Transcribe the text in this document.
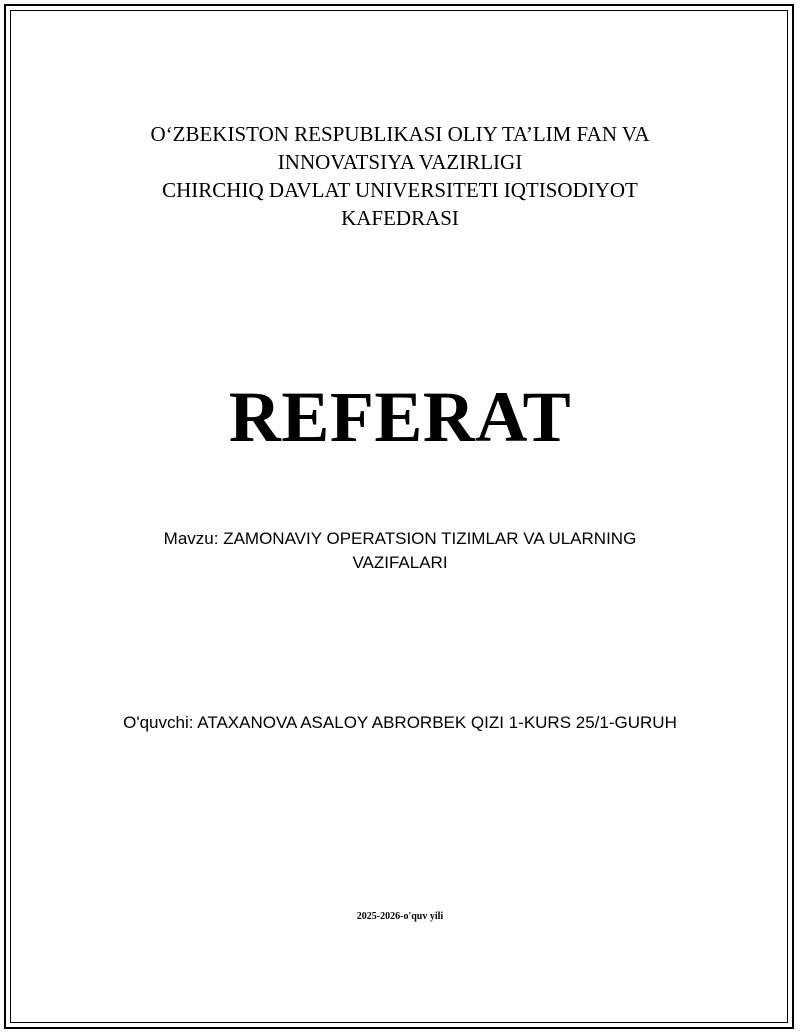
O‘ZBEKISTON RESPUBLIKASI OLIY TA’LIM FAN VA
INNOVATSIYA VAZIRLIGI
CHIRCHIQ DAVLAT UNIVERSITETI IQTISODIYOT
KAFEDRASI
REFERAT
Mavzu: ZAMONAVIY OPERATSION TIZIMLAR VA ULARNING VAZIFALARI
O'quvchi: ATAXANOVA ASALOY ABRORBEK QIZI 1-KURS 25/1-GURUH
2025-2026-o'quv yili
